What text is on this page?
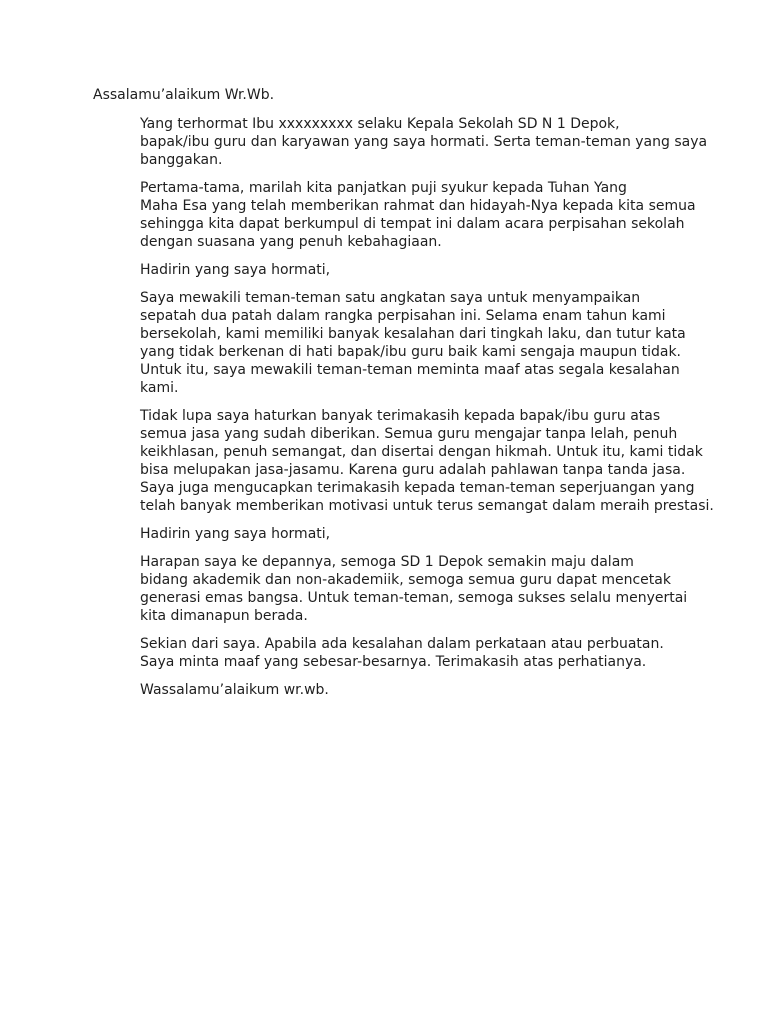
Assalamu’alaikum Wr.Wb.

Yang terhormat Ibu xxxxxxxxx selaku Kepala Sekolah SD N 1 Depok,
bapak/ibu guru dan karyawan yang saya hormati. Serta teman-teman yang saya
banggakan.

Pertama-tama, marilah kita panjatkan puji syukur kepada Tuhan Yang
Maha Esa yang telah memberikan rahmat dan hidayah-Nya kepada kita semua
sehingga kita dapat berkumpul di tempat ini dalam acara perpisahan sekolah
dengan suasana yang penuh kebahagiaan.

Hadirin yang saya hormati,

Saya mewakili teman-teman satu angkatan saya untuk menyampaikan
sepatah dua patah dalam rangka perpisahan ini. Selama enam tahun kami
bersekolah, kami memiliki banyak kesalahan dari tingkah laku, dan tutur kata
yang tidak berkenan di hati bapak/ibu guru baik kami sengaja maupun tidak.
Untuk itu, saya mewakili teman-teman meminta maaf atas segala kesalahan
kami.

Tidak lupa saya haturkan banyak terimakasih kepada bapak/ibu guru atas
semua jasa yang sudah diberikan. Semua guru mengajar tanpa lelah, penuh
keikhlasan, penuh semangat, dan disertai dengan hikmah. Untuk itu, kami tidak
bisa melupakan jasa-jasamu. Karena guru adalah pahlawan tanpa tanda jasa.
Saya juga mengucapkan terimakasih kepada teman-teman seperjuangan yang
telah banyak memberikan motivasi untuk terus semangat dalam meraih prestasi.

Hadirin yang saya hormati,

Harapan saya ke depannya, semoga SD 1 Depok semakin maju dalam
bidang akademik dan non-akademiik, semoga semua guru dapat mencetak
generasi emas bangsa. Untuk teman-teman, semoga sukses selalu menyertai
kita dimanapun berada.

Sekian dari saya. Apabila ada kesalahan dalam perkataan atau perbuatan.
Saya minta maaf yang sebesar-besarnya. Terimakasih atas perhatianya.

Wassalamu’alaikum wr.wb.
